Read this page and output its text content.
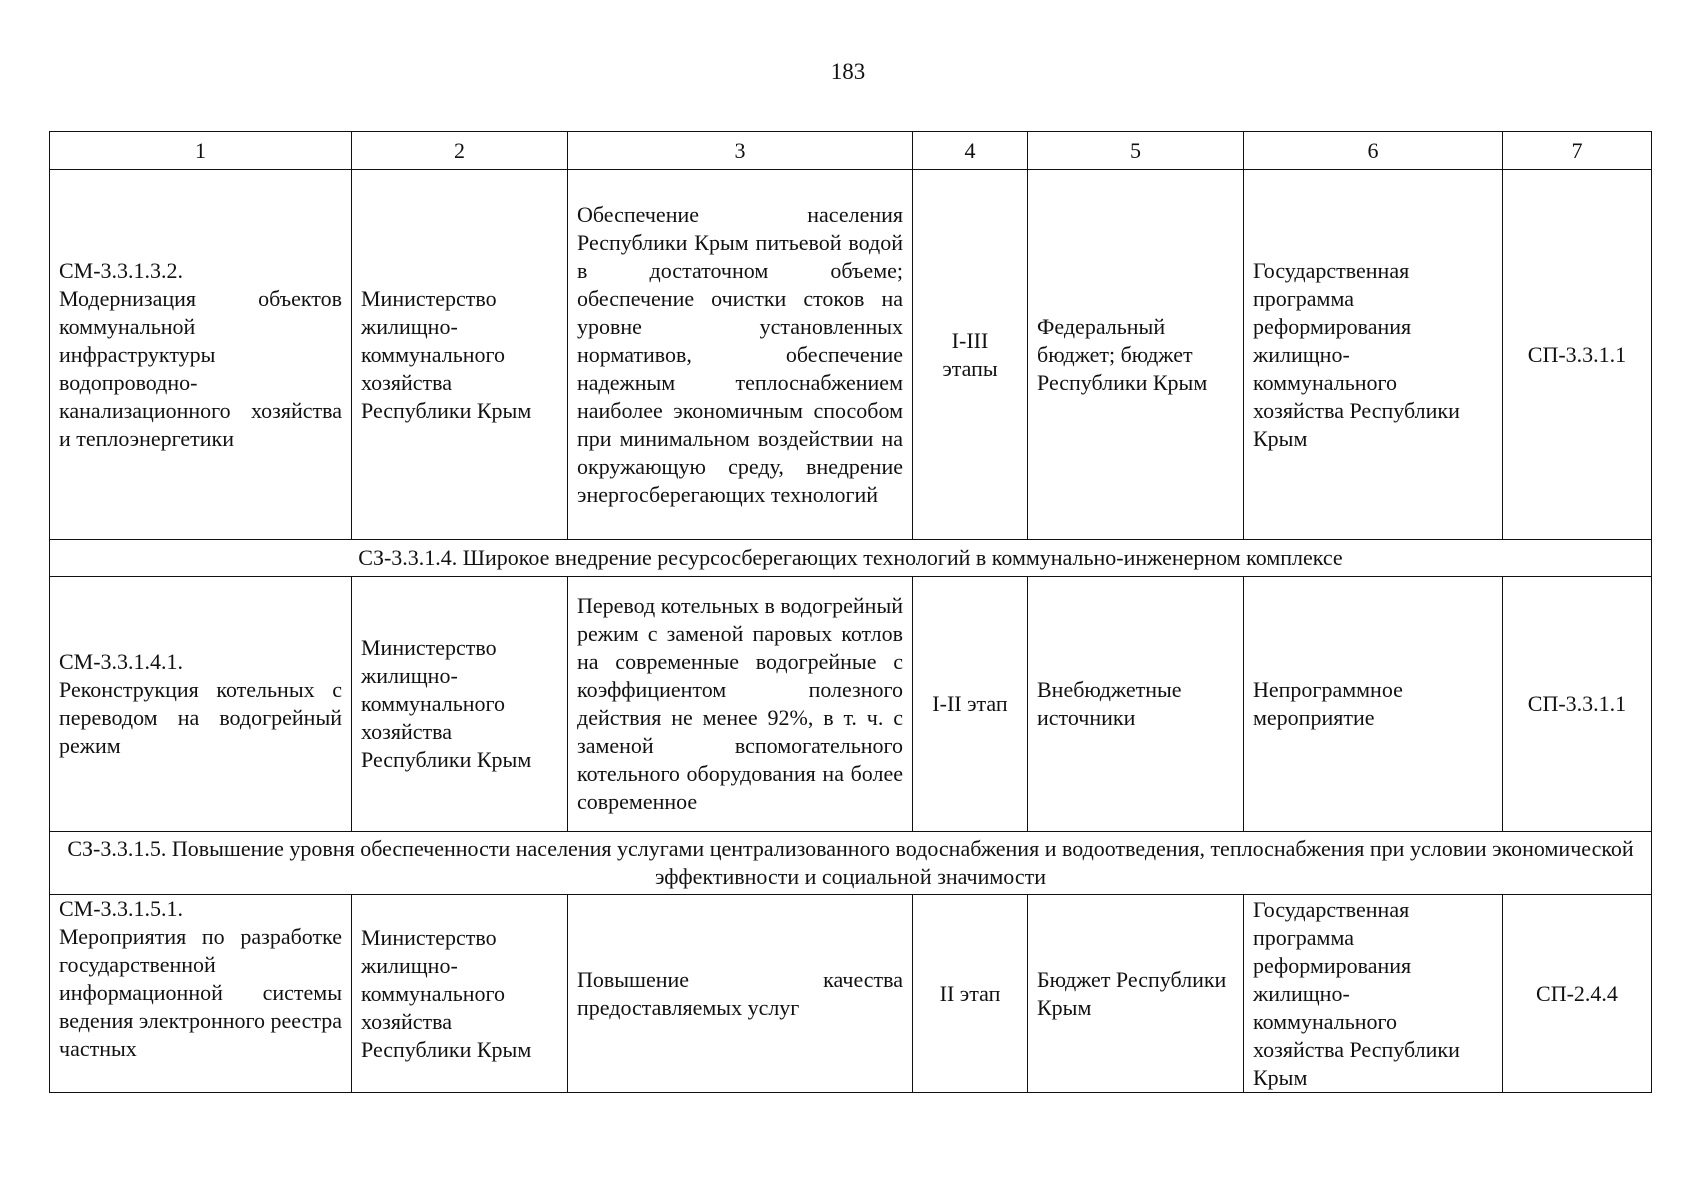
183
1	2	3	4	5	6	7

СМ-3.3.1.3.2.
Модернизация объектов коммунальной инфраструктуры водопроводно-канализационного хозяйства и теплоэнергетики	Министерство жилищно-коммунального хозяйства Республики Крым	Обеспечение населения Республики Крым питьевой водой в достаточном объеме; обеспечение очистки стоков на уровне установленных нормативов, обеспечение надежным теплоснабжением наиболее экономичным способом при минимальном воздействии на окружающую среду, внедрение энергосберегающих технологий	I-III этапы	Федеральный бюджет; бюджет Республики Крым	Государственная программа реформирования жилищно-коммунального хозяйства Республики Крым	СП-3.3.1.1
СЗ-3.3.1.4. Широкое внедрение ресурсосберегающих технологий в коммунально-инженерном комплексе						

СМ-3.3.1.4.1.
Реконструкция котельных с переводом на водогрейный режим	Министерство жилищно-коммунального хозяйства Республики Крым	Перевод котельных в водогрейный режим с заменой паровых котлов на современные водогрейные с коэффициентом полезного действия не менее 92%, в т. ч. с заменой вспомогательного котельного оборудования на более современное	I-II этап	Внебюджетные источники	Непрограммное мероприятие	СП-3.3.1.1
СЗ-3.3.1.5. Повышение уровня обеспеченности населения услугами централизованного водоснабжения и водоотведения, теплоснабжения при условии экономической эффективности и социальной значимости						

СМ-3.3.1.5.1.
Мероприятия по разработке государственной информационной системы ведения электронного реестра частных	Министерство жилищно-коммунального хозяйства Республики Крым	Повышение качества предоставляемых услуг	II этап	Бюджет Республики Крым	Государственная программа реформирования жилищно-коммунального хозяйства Республики Крым	СП-2.4.4
